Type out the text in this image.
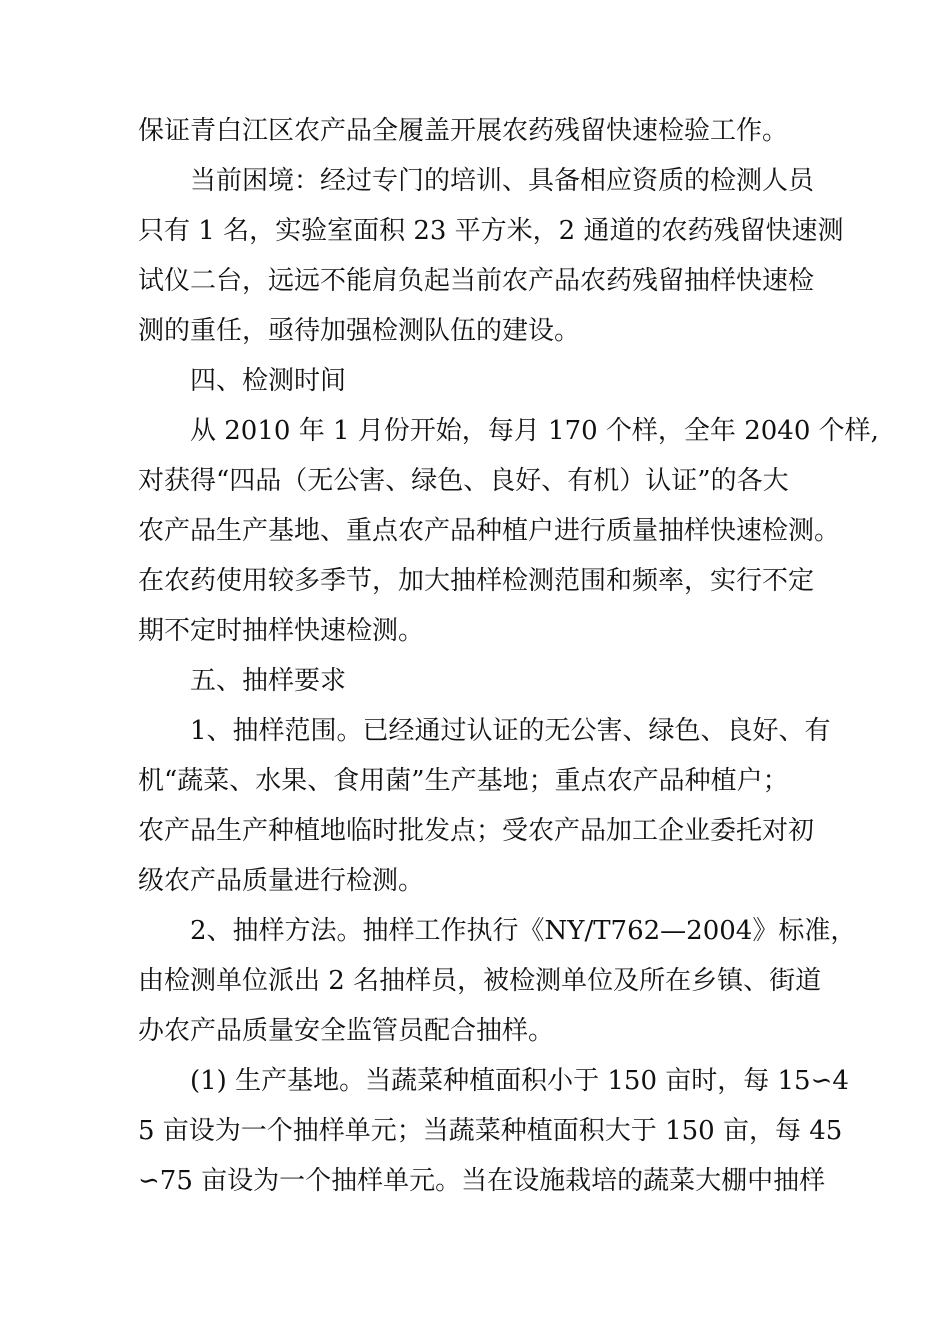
保证青白江区农产品全履盖开展农药残留快速检验工作。
当前困境：经过专门的培训、具备相应资质的检测人员
只有 1 名，实验室面积 23 平方米，2 通道的农药残留快速测
试仪二台，远远不能肩负起当前农产品农药残留抽样快速检
测的重任，亟待加强检测队伍的建设。
四、检测时间
从 2010 年 1 月份开始，每月 170 个样，全年 2040 个样,
对获得“四品（无公害、绿色、良好、有机）认证”的各大
农产品生产基地、重点农产品种植户进行质量抽样快速检测。
在农药使用较多季节，加大抽样检测范围和频率，实行不定
期不定时抽样快速检测。
五、抽样要求
1、抽样范围。已经通过认证的无公害、绿色、良好、有
机“蔬菜、水果、食用菌”生产基地；重点农产品种植户；
农产品生产种植地临时批发点；受农产品加工企业委托对初
级农产品质量进行检测。
2、抽样方法。抽样工作执行《NY/T762—2004》标准，
由检测单位派出 2 名抽样员，被检测单位及所在乡镇、街道
办农产品质量安全监管员配合抽样。
(1) 生产基地。当蔬菜种植面积小于 150 亩时，每 15∽4
5 亩设为一个抽样单元；当蔬菜种植面积大于 150 亩，每 45
∽75 亩设为一个抽样单元。当在设施栽培的蔬菜大棚中抽样
